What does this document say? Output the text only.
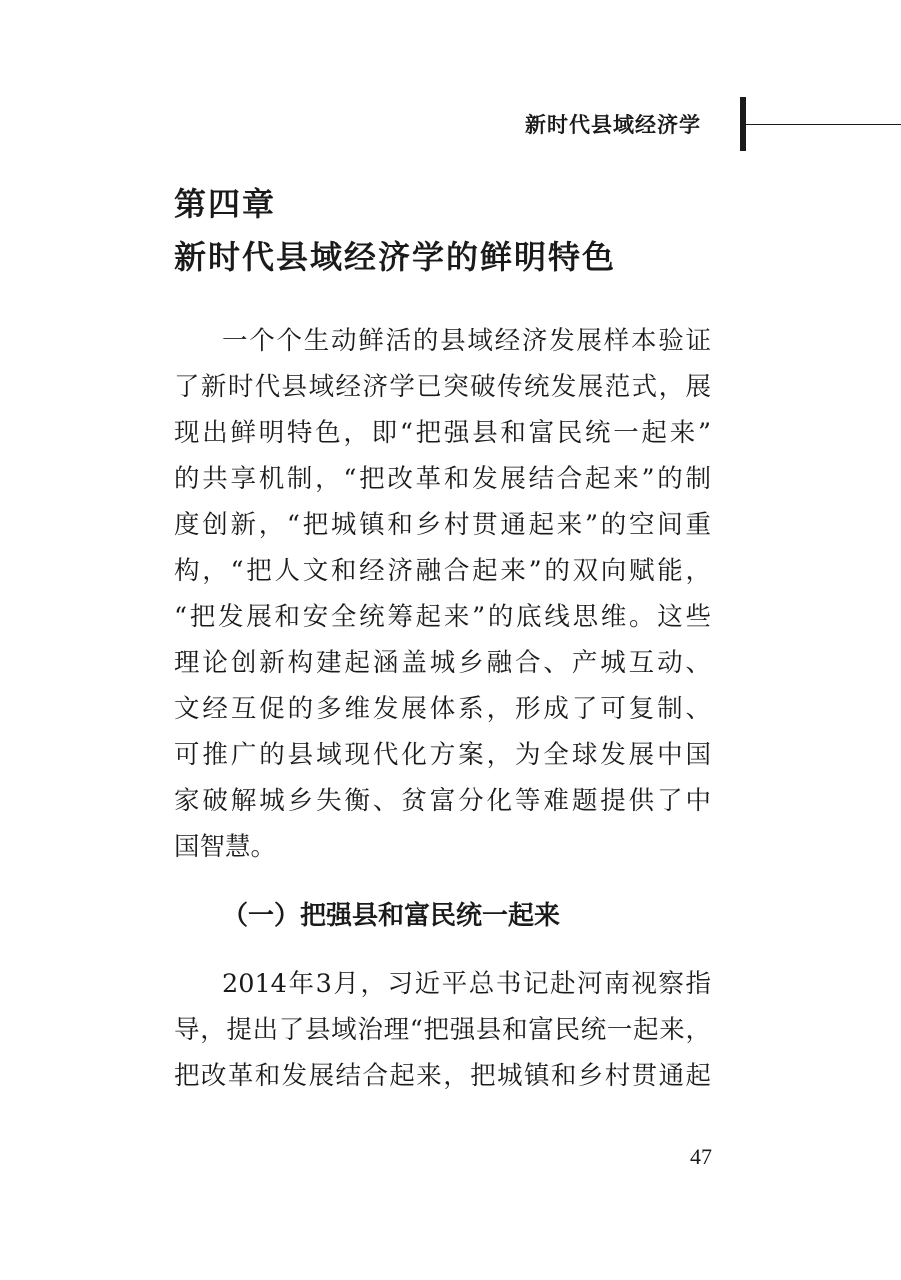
新时代县域经济学
第四章
新时代县域经济学的鲜明特色
一个个生动鲜活的县域经济发展样本验证
了新时代县域经济学已突破传统发展范式，展
现出鲜明特色，即“把强县和富民统一起来”
的共享机制，“把改革和发展结合起来”的制
度创新，“把城镇和乡村贯通起来”的空间重
构，“把人文和经济融合起来”的双向赋能，
“把发展和安全统筹起来”的底线思维。这些
理论创新构建起涵盖城乡融合、产城互动、
文经互促的多维发展体系，形成了可复制、
可推广的县域现代化方案，为全球发展中国
家破解城乡失衡、贫富分化等难题提供了中
国智慧。
（一）把强县和富民统一起来
2014年3月，习近平总书记赴河南视察指
导，提出了县域治理“把强县和富民统一起来，
把改革和发展结合起来，把城镇和乡村贯通起
47
